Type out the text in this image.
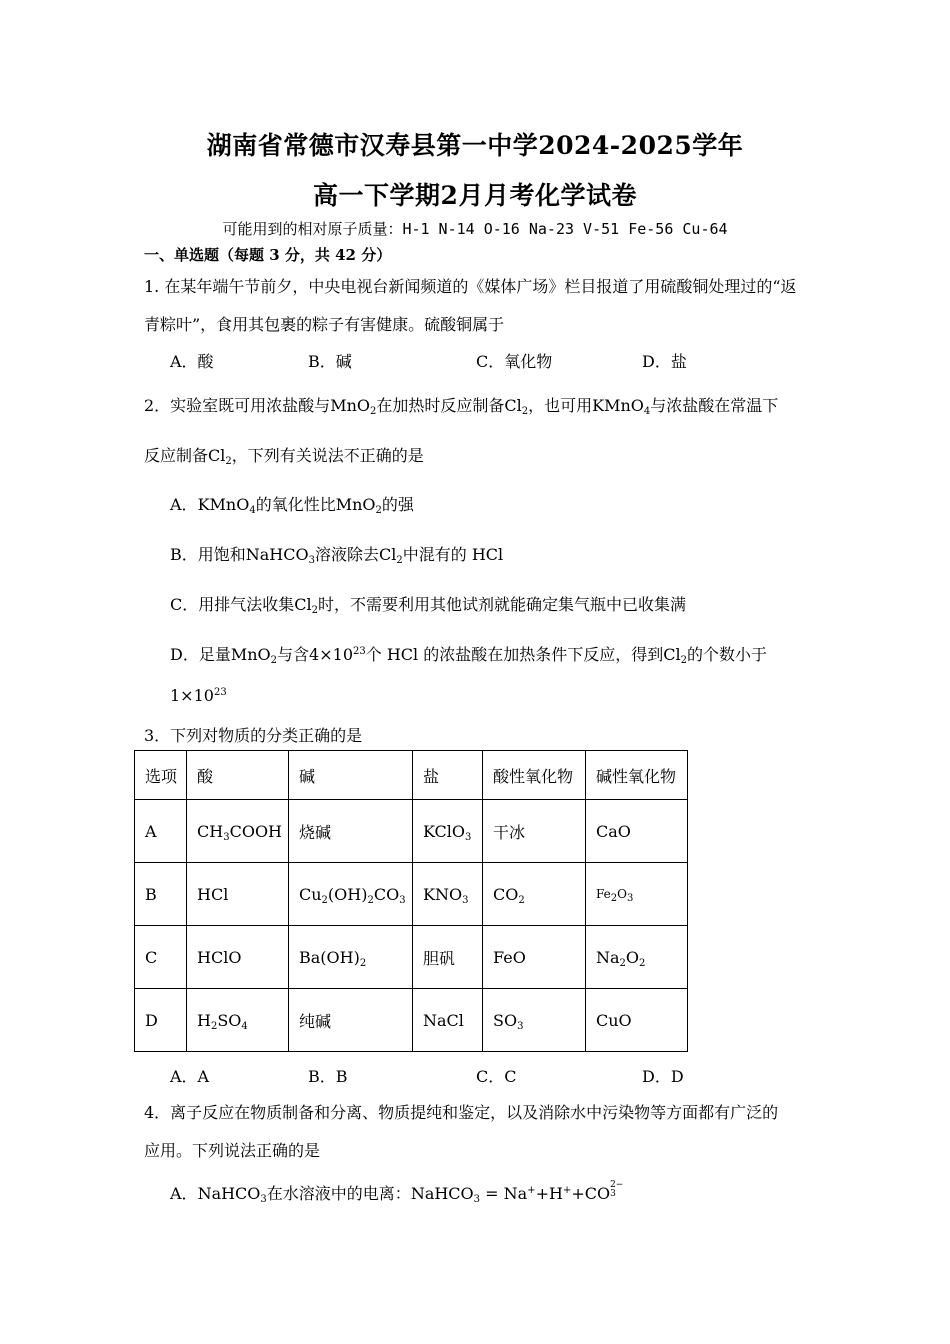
湖南省常德市汉寿县第一中学2024-2025学年
高一下学期2月月考化学试卷
可能用到的相对原子质量：H-1 N-14 O-16 Na-23 V-51 Fe-56 Cu-64
一、单选题（每题 3 分，共 42 分）
1. 在某年端午节前夕，中央电视台新闻频道的《媒体广场》栏目报道了用硫酸铜处理过的“返
青粽叶”，食用其包裹的粽子有害健康。硫酸铜属于
A．酸	B．碱	C．氧化物	D．盐
2．实验室既可用浓盐酸与MnO$_2$在加热时反应制备$Cl_2$，也可用KMnO$_4$与浓盐酸在常温下
反应制备$Cl_2$，下列有关说法不正确的是
A．KMnO$_4$的氧化性比MnO$_2$的强
B．用饱和NaHCO$_3$溶液除去$Cl_2$中混有的 HCl
C．用排气法收集$Cl_2$时，不需要利用其他试剂就能确定集气瓶中已收集满
D．足量MnO$_2$与含$4\times 10^{23}$个 HCl 的浓盐酸在加热条件下反应，得到$Cl_2$的个数小于
$1\times 10^{23}$
3．下列对物质的分类正确的是
选项	酸	碱	盐	酸性氧化物	碱性氧化物
A	$CH_3COOH$	烧碱	KClO$_3$	干冰	CaO
B	HCl	$Cu_2(OH)_2CO_3$	$KNO_3$	$CO_2$	$Fe_2O_3$
C	HClO	$Ba(OH)_2$	胆矾	FeO	$Na_2O_2$
D	$H_2SO_4$	纯碱	NaCl	$SO_3$	CuO
A．A	B．B	C．C	D．D
4．离子反应在物质制备和分离、物质提纯和鉴定，以及消除水中污染物等方面都有广泛的
应用。下列说法正确的是
A．NaHCO$_3$在水溶液中的电离：NaHCO$_3$ = Na++H++CO 2−
3
